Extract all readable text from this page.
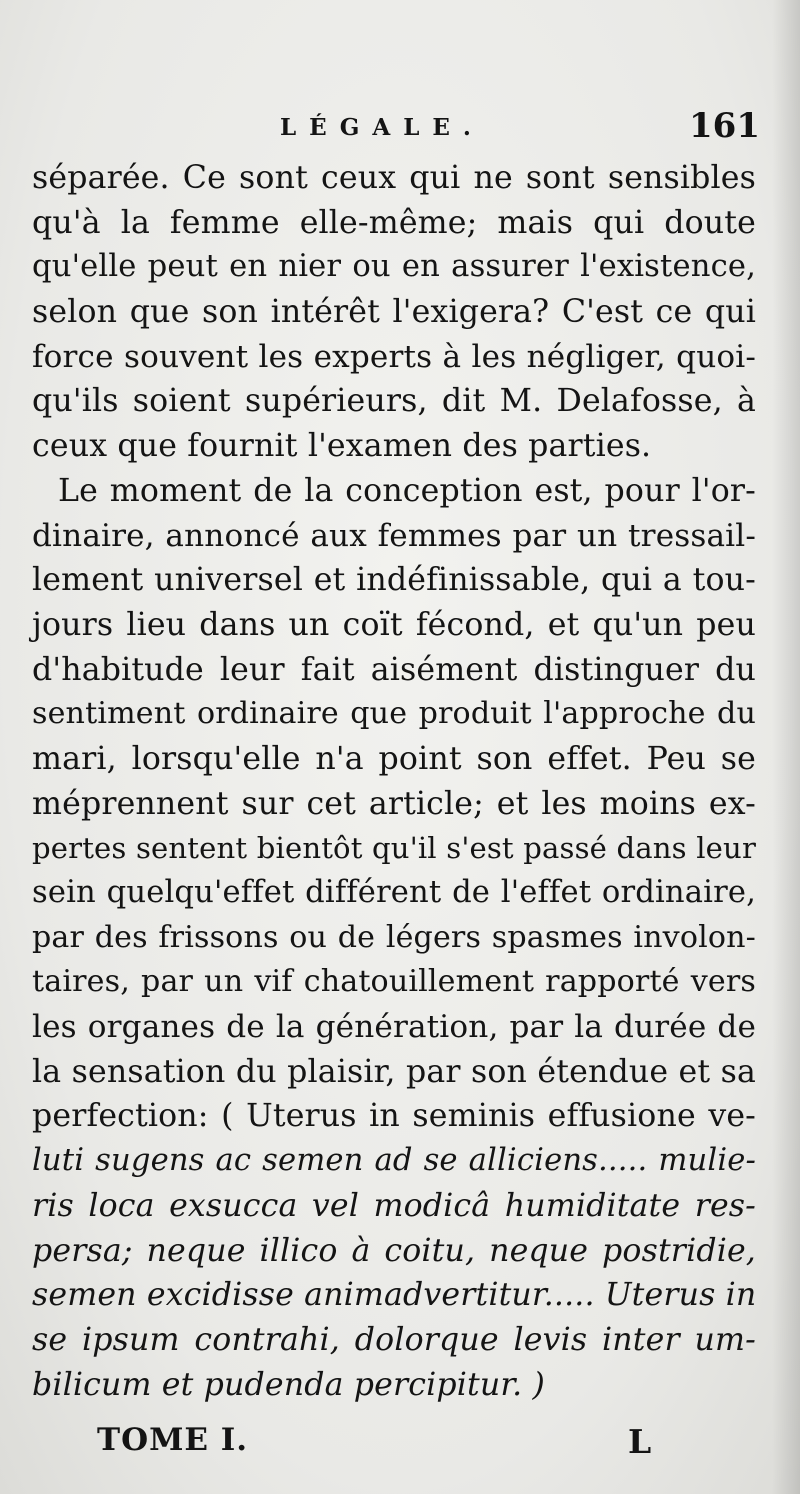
LÉGALE.	161
séparée. Ce sont ceux qui ne sont sensibles
qu'à la femme elle-même; mais qui doute
qu'elle peut en nier ou en assurer l'existence,
selon que son intérêt l'exigera? C'est ce qui
force souvent les experts à les négliger, quoi-
qu'ils soient supérieurs, dit M. Delafosse, à
ceux que fournit l'examen des parties.
Le moment de la conception est, pour l'or-
dinaire, annoncé aux femmes par un tressail-
lement universel et indéfinissable, qui a tou-
jours lieu dans un coït fécond, et qu'un peu
d'habitude leur fait aisément distinguer du
sentiment ordinaire que produit l'approche du
mari, lorsqu'elle n'a point son effet. Peu se
méprennent sur cet article; et les moins ex-
pertes sentent bientôt qu'il s'est passé dans leur
sein quelqu'effet différent de l'effet ordinaire,
par des frissons ou de légers spasmes involon-
taires, par un vif chatouillement rapporté vers
les organes de la génération, par la durée de
la sensation du plaisir, par son étendue et sa
perfection: ( Uterus in seminis effusione ve-
luti sugens ac semen ad se alliciens..... mulie-
ris loca exsucca vel modicâ humiditate res-
persa; neque illico à coitu, neque postridie,
semen excidisse animadvertitur..... Uterus in
se ipsum contrahi, dolorque levis inter um-
bilicum et pudenda percipitur. )
TOME I.	L
